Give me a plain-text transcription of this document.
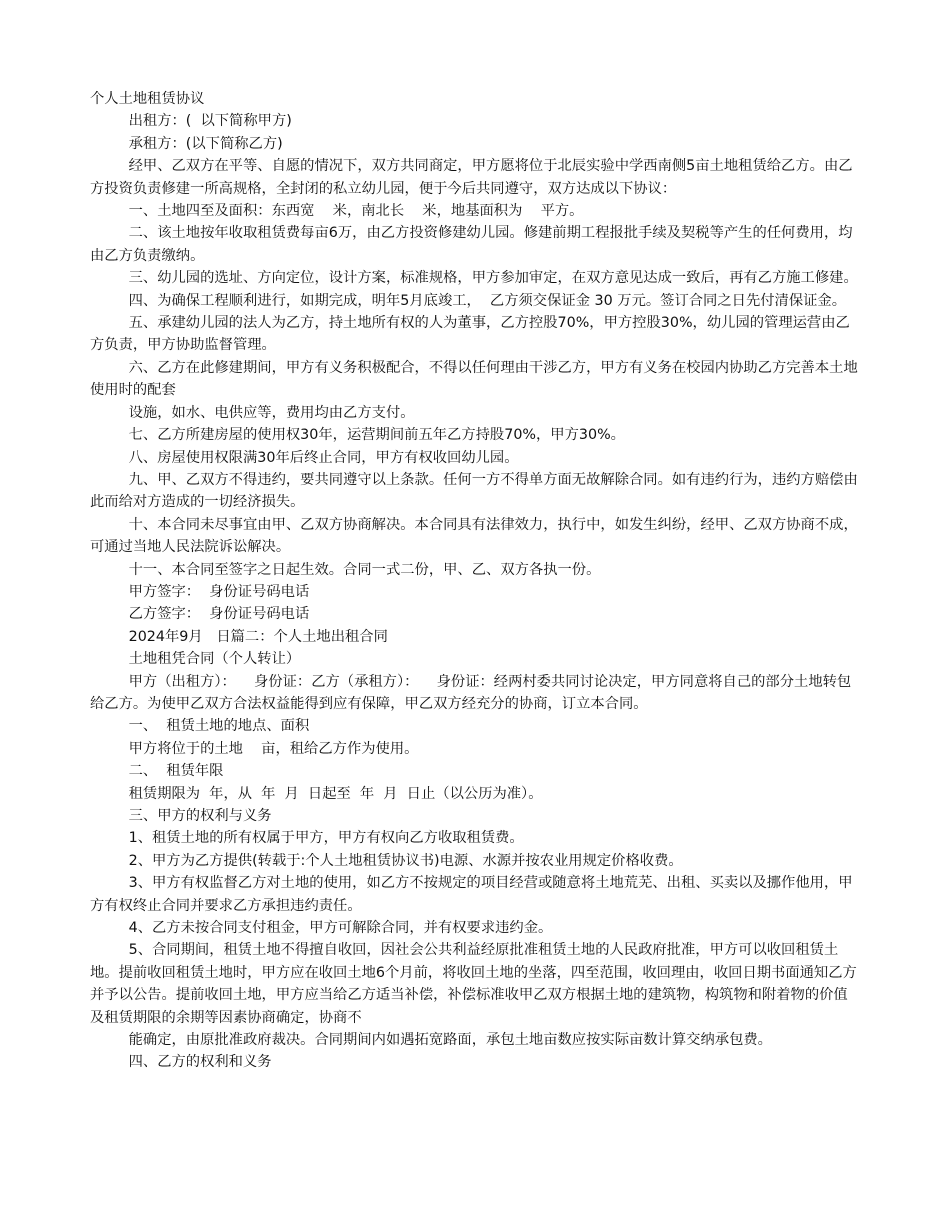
个人土地租赁协议

出租方：(  以下简称甲方)

承租方：(以下简称乙方)

经甲、乙双方在平等、自愿的情况下，双方共同商定，甲方愿将位于北辰实验中学西南侧5亩土地租赁给乙方。由乙方投资负责修建一所高规格，全封闭的私立幼儿园，便于今后共同遵守，双方达成以下协议：

一、土地四至及面积：东西宽    米，南北长    米，地基面积为    平方。

二、该土地按年收取租赁费每亩6万，由乙方投资修建幼儿园。修建前期工程报批手续及契税等产生的任何费用，均由乙方负责缴纳。

三、幼儿园的选址、方向定位，设计方案，标准规格，甲方参加审定，在双方意见达成一致后，再有乙方施工修建。

四、为确保工程顺利进行，如期完成，明年5月底竣工，  乙方须交保证金 30 万元。签订合同之日先付清保证金。

五、承建幼儿园的法人为乙方，持土地所有权的人为董事，乙方控股70%，甲方控股30%，幼儿园的管理运营由乙方负责，甲方协助监督管理。

六、乙方在此修建期间，甲方有义务积极配合，不得以任何理由干涉乙方，甲方有义务在校园内协助乙方完善本土地使用时的配套

设施，如水、电供应等，费用均由乙方支付。

七、乙方所建房屋的使用权30年，运营期间前五年乙方持股70%，甲方30%。

八、房屋使用权限满30年后终止合同，甲方有权收回幼儿园。

九、甲、乙双方不得违约，要共同遵守以上条款。任何一方不得单方面无故解除合同。如有违约行为，违约方赔偿由此而给对方造成的一切经济损失。

十、本合同未尽事宜由甲、乙双方协商解决。本合同具有法律效力，执行中，如发生纠纷，经甲、乙双方协商不成，可通过当地人民法院诉讼解决。

十一、本合同至签字之日起生效。合同一式二份，甲、乙、双方各执一份。

甲方签字：  身份证号码电话

乙方签字：  身份证号码电话

2024年9月   日篇二：个人土地出租合同

土地租凭合同（个人转让）

甲方（出租方）：    身份证：乙方（承租方）：    身份证：经两村委共同讨论决定，甲方同意将自己的部分土地转包给乙方。为使甲乙双方合法权益能得到应有保障，甲乙双方经充分的协商，订立本合同。

一、  租赁土地的地点、面积

甲方将位于的土地    亩，租给乙方作为使用。

二、  租赁年限

租赁期限为  年，从  年  月  日起至  年  月  日止（以公历为准）。

三、甲方的权利与义务

1、租赁土地的所有权属于甲方，甲方有权向乙方收取租赁费。

2、甲方为乙方提供(转载于:个人土地租赁协议书)电源、水源并按农业用规定价格收费。

3、甲方有权监督乙方对土地的使用，如乙方不按规定的项目经营或随意将土地荒芜、出租、买卖以及挪作他用，甲方有权终止合同并要求乙方承担违约责任。

4、乙方未按合同支付租金，甲方可解除合同，并有权要求违约金。

5、合同期间，租赁土地不得擅自收回，因社会公共利益经原批准租赁土地的人民政府批准，甲方可以收回租赁土地。提前收回租赁土地时，甲方应在收回土地6个月前，将收回土地的坐落，四至范围，收回理由，收回日期书面通知乙方并予以公告。提前收回土地，甲方应当给乙方适当补偿，补偿标准收甲乙双方根据土地的建筑物，构筑物和附着物的价值及租赁期限的余期等因素协商确定，协商不

能确定，由原批准政府裁决。合同期间内如遇拓宽路面，承包土地亩数应按实际亩数计算交纳承包费。

四、乙方的权利和义务
